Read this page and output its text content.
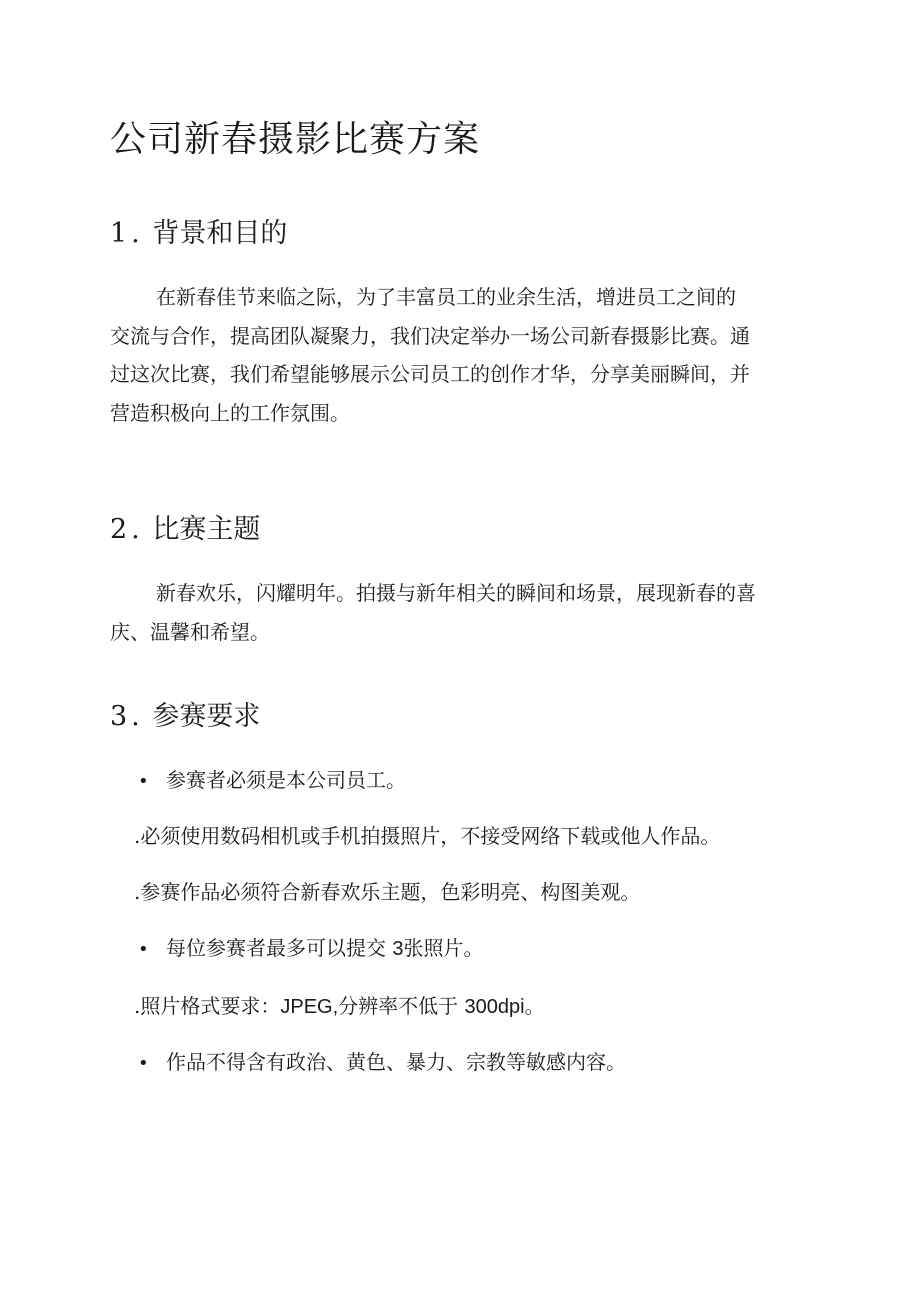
公司新春摄影比赛方案
1. 背景和目的
在新春佳节来临之际，为了丰富员工的业余生活，增进员工之间的
交流与合作，提高团队凝聚力，我们决定举办一场公司新春摄影比赛。通
过这次比赛，我们希望能够展示公司员工的创作才华，分享美丽瞬间，并
营造积极向上的工作氛围。
2. 比赛主题
新春欢乐，闪耀明年。拍摄与新年相关的瞬间和场景，展现新春的喜
庆、温馨和希望。
3. 参赛要求

• 参赛者必须是本公司员工。

.必须使用数码相机或手机拍摄照片，不接受网络下载或他人作品。

.参赛作品必须符合新春欢乐主题，色彩明亮、构图美观。

• 每位参赛者最多可以提交 3张照片。

.照片格式要求：JPEG,分辨率不低于 300dpi。

• 作品不得含有政治、黄色、暴力、宗教等敏感内容。
